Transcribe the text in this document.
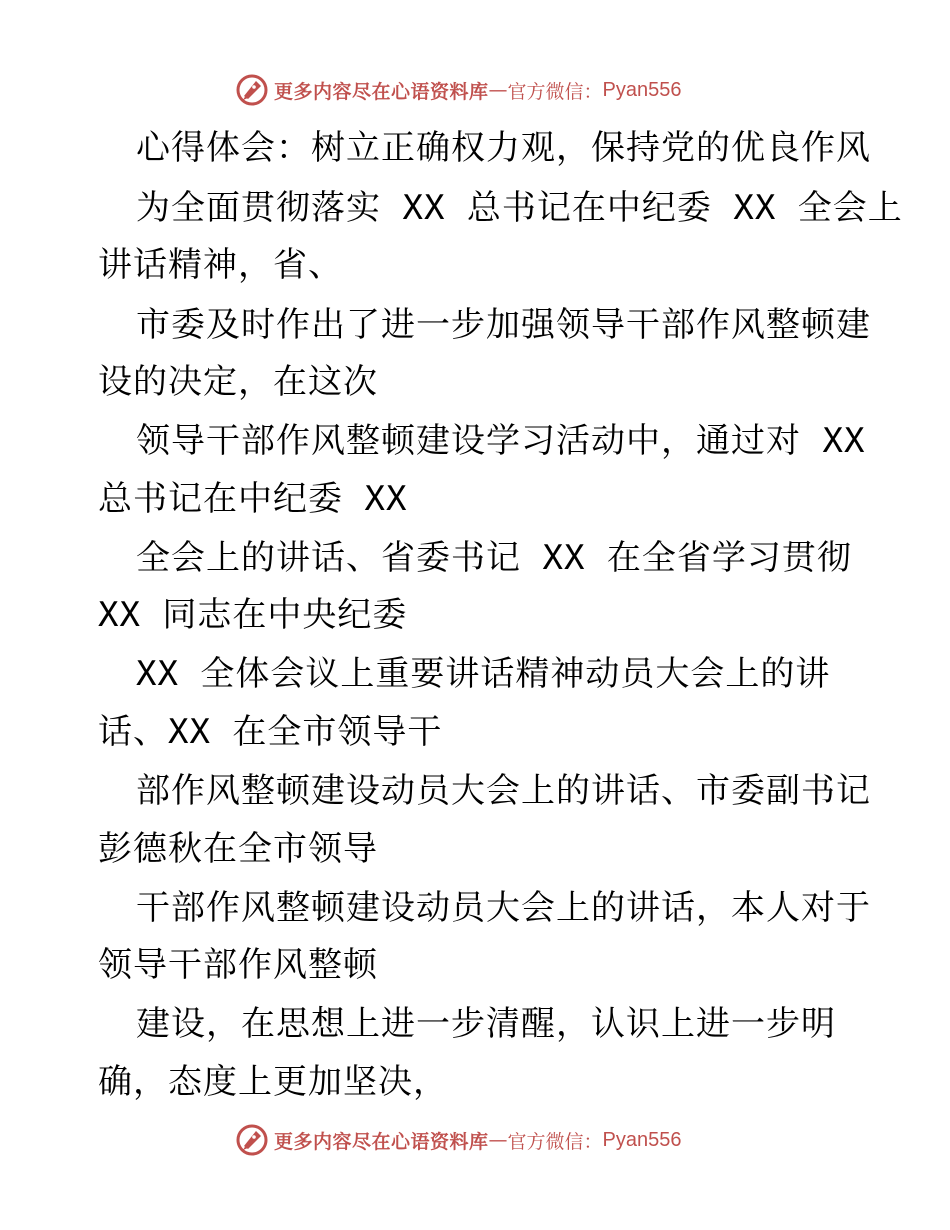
更多内容尽在心语资料库 — 官方微信： Pyan556
心得体会：树立正确权力观，保持党的优良作风
为全面贯彻落实 XX 总书记在中纪委 XX 全会上
讲话精神，省、
市委及时作出了进一步加强领导干部作风整顿建
设的决定，在这次
领导干部作风整顿建设学习活动中，通过对 XX
总书记在中纪委 XX
全会上的讲话、省委书记 XX 在全省学习贯彻
XX 同志在中央纪委
XX 全体会议上重要讲话精神动员大会上的讲
话、XX 在全市领导干
部作风整顿建设动员大会上的讲话、市委副书记
彭德秋在全市领导
干部作风整顿建设动员大会上的讲话，本人对于
领导干部作风整顿
建设，在思想上进一步清醒，认识上进一步明
确，态度上更加坚决，
更多内容尽在心语资料库 — 官方微信： Pyan556
